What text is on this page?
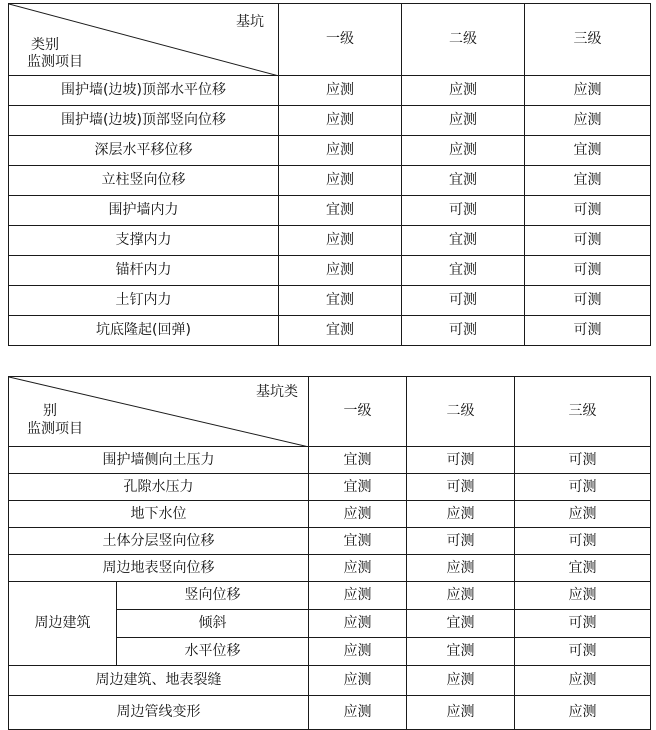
基坑
类别
监测项目	一级	二级	三级
围护墙(边坡)顶部水平位移	应测	应测	应测
围护墙(边坡)顶部竖向位移	应测	应测	应测
深层水平移位移	应测	应测	宜测
立柱竖向位移	应测	宜测	宜测
围护墙内力	宜测	可测	可测
支撑内力	应测	宜测	可测
锚杆内力	应测	宜测	可测
土钉内力	宜测	可测	可测
坑底隆起(回弹)	宜测	可测	可测
基坑类
别
监测项目		一级	二级	三级
围护墙侧向土压力		宜测	可测	可测
孔隙水压力		宜测	可测	可测
地下水位		应测	应测	应测
土体分层竖向位移		宜测	可测	可测
周边地表竖向位移		应测	应测	宜测
周边建筑	竖向位移	应测	应测	应测
	倾斜	应测	宜测	可测
	水平位移	应测	宜测	可测
周边建筑、地表裂缝		应测	应测	应测
周边管线变形		应测	应测	应测
